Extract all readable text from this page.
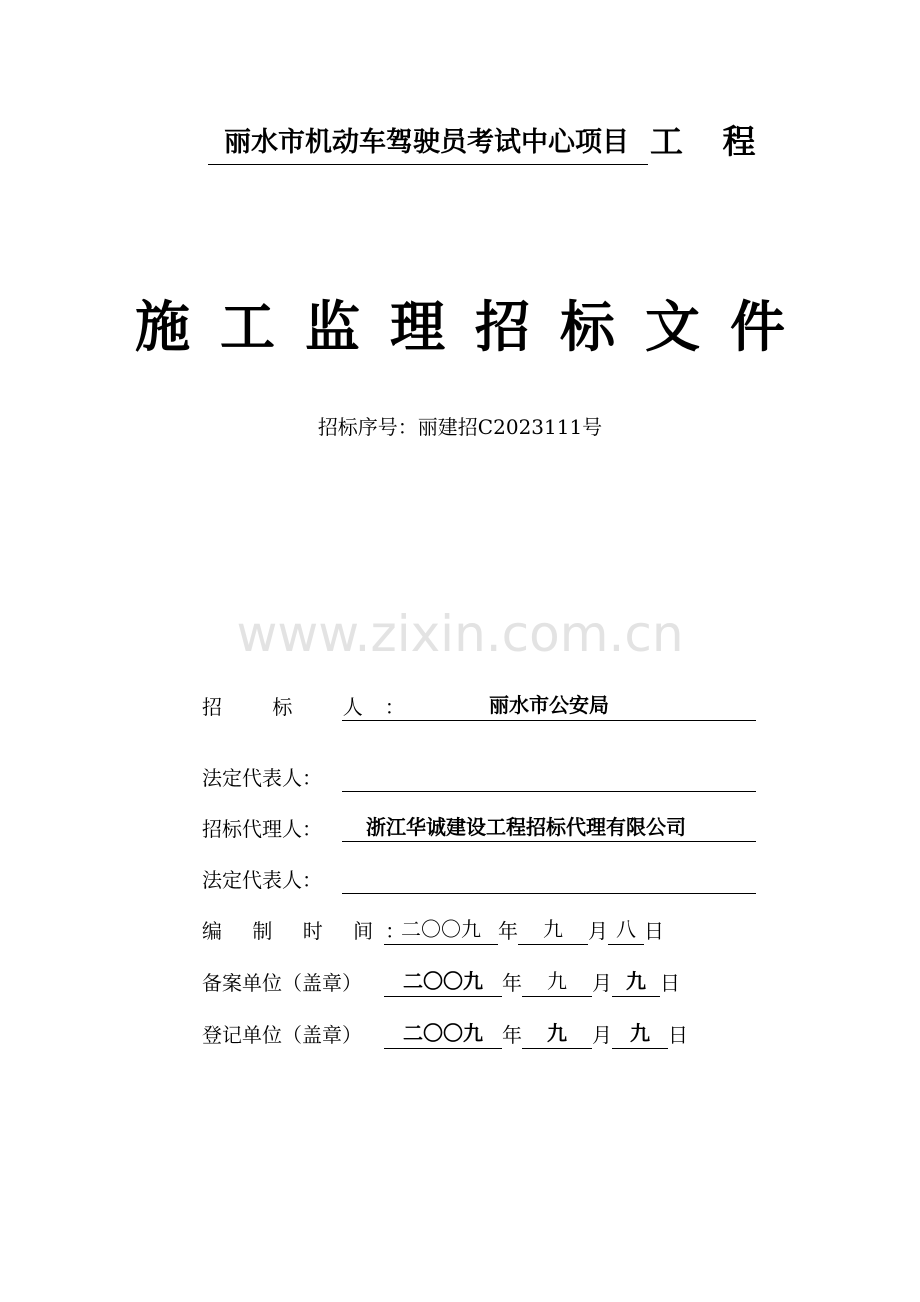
丽水市机动车驾驶员考试中心项目 工 程
施工监理招标文件
招标序号：丽建招C2023111号
www.zixin.com.cn
招 标 人：	丽水市公安局
法定代表人：
招标代理人：	浙江华诚建设工程招标代理有限公司
法定代表人：
编 制 时 间：二〇〇九 年 九 月 八 日
备案单位（盖章） 二〇〇九 年 九 月 九 日
登记单位（盖章） 二〇〇九 年 九 月 九 日
